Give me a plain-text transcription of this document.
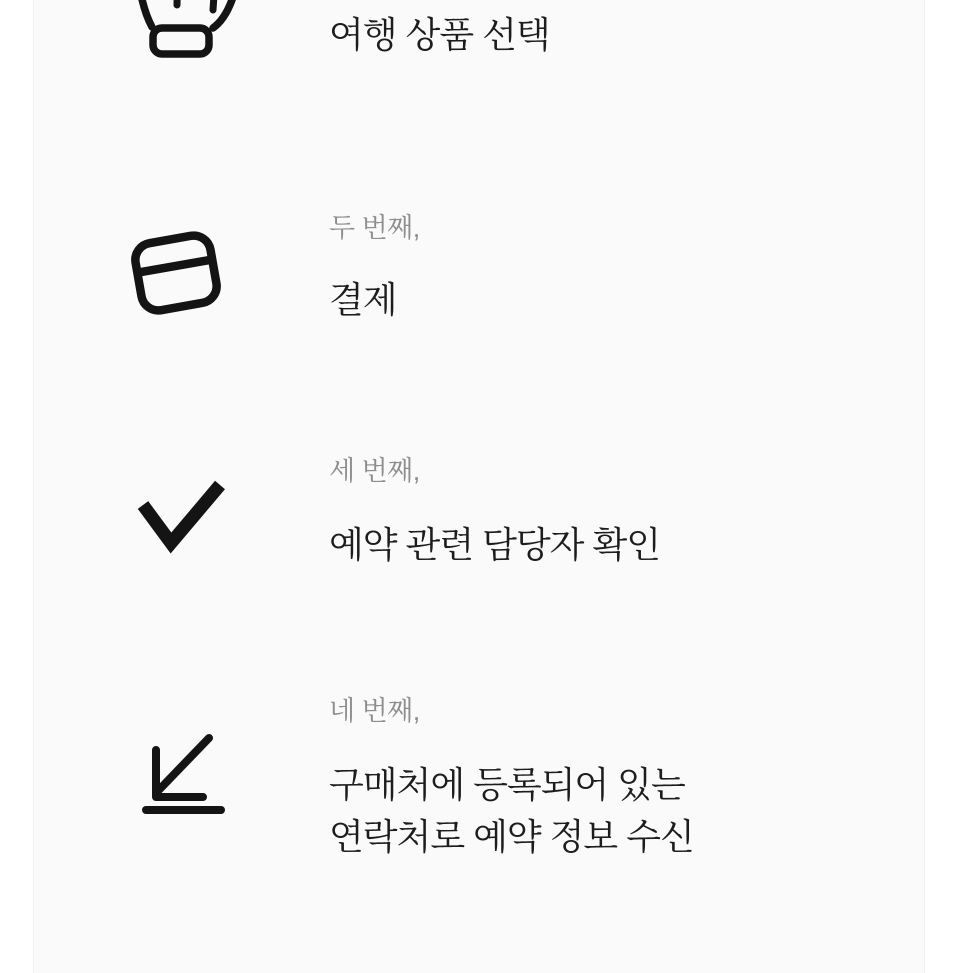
여행 상품 선택
두 번째,
결제
세 번째,
예약 관련 담당자 확인
네 번째,
구매처에 등록되어 있는
연락처로 예약 정보 수신
